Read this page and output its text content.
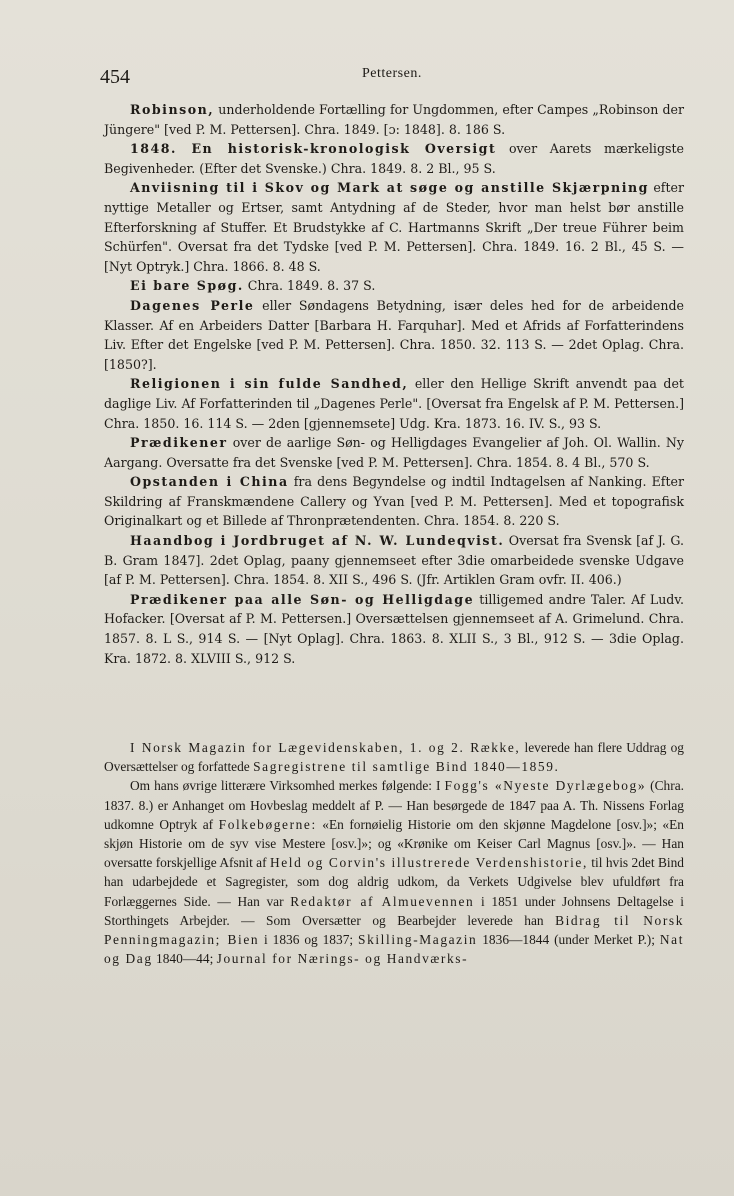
454	Pettersen.

Robinson, underholdende Fortælling for Ungdommen, efter Campes „Robinson der Jüngere" [ved P. M. Pettersen]. Chra. 1849. [ɔ: 1848]. 8. 186 S.

1848. En historisk-kronologisk Oversigt over Aarets mærkeligste Begivenheder. (Efter det Svenske.) Chra. 1849. 8. 2 Bl., 95 S.

Anviisning til i Skov og Mark at søge og anstille Skjærpning efter nyttige Metaller og Ertser, samt Antydning af de Steder, hvor man helst bør anstille Efterforskning af Stuffer. Et Brudstykke af C. Hartmanns Skrift „Der treue Führer beim Schürfen". Oversat fra det Tydske [ved P. M. Pettersen]. Chra. 1849. 16. 2 Bl., 45 S. — [Nyt Optryk.] Chra. 1866. 8. 48 S.

Ei bare Spøg. Chra. 1849. 8. 37 S.

Dagenes Perle eller Søndagens Betydning, især deles hed for de arbeidende Klasser. Af en Arbeiders Datter [Barbara H. Farquhar]. Med et Afrids af Forfatterindens Liv. Efter det Engelske [ved P. M. Pettersen]. Chra. 1850. 32. 113 S. — 2det Oplag. Chra. [1850?].

Religionen i sin fulde Sandhed, eller den Hellige Skrift anvendt paa det daglige Liv. Af Forfatterinden til „Dagenes Perle". [Oversat fra Engelsk af P. M. Pettersen.] Chra. 1850. 16. 114 S. — 2den [gjennemsete] Udg. Kra. 1873. 16. IV. S., 93 S.

Prædikener over de aarlige Søn- og Helligdages Evangelier af Joh. Ol. Wallin. Ny Aargang. Oversatte fra det Svenske [ved P. M. Pettersen]. Chra. 1854. 8. 4 Bl., 570 S.

Opstanden i China fra dens Begyndelse og indtil Indtagelsen af Nanking. Efter Skildring af Franskmændene Callery og Yvan [ved P. M. Pettersen]. Med et topografisk Originalkart og et Billede af Thronprætendenten. Chra. 1854. 8. 220 S.

Haandbog i Jordbruget af N. W. Lundeqvist. Oversat fra Svensk [af J. G. B. Gram 1847]. 2det Oplag, paany gjennemseet efter 3die omarbeidede svenske Udgave [af P. M. Pettersen]. Chra. 1854. 8. XII S., 496 S. (Jfr. Artiklen Gram ovfr. II. 406.)

Prædikener paa alle Søn- og Helligdage tilligemed andre Taler. Af Ludv. Hofacker. [Oversat af P. M. Pettersen.] Oversættelsen gjennemseet af A. Grimelund. Chra. 1857. 8. L S., 914 S. — [Nyt Oplag]. Chra. 1863. 8. XLII S., 3 Bl., 912 S. — 3die Oplag. Kra. 1872. 8. XLVIII S., 912 S.

I Norsk Magazin for Lægevidenskaben, 1. og 2. Række, leverede han flere Uddrag og Oversættelser og forfattede Sagregistrene til samtlige Bind 1840—1859.

Om hans øvrige litterære Virksomhed merkes følgende: I Fogg's «Nyeste Dyrlægebog» (Chra. 1837. 8.) er Anhanget om Hovbeslag meddelt af P. — Han besørgede de 1847 paa A. Th. Nissens Forlag udkomne Optryk af Folkebøgerne: «En fornøielig Historie om den skjønne Magdelone [osv.]»; «En skjøn Historie om de syv vise Mestere [osv.]»; og «Krønike om Keiser Carl Magnus [osv.]». — Han oversatte forskjellige Afsnit af Held og Corvin's illustrerede Verdenshistorie, til hvis 2det Bind han udarbejdede et Sagregister, som dog aldrig udkom, da Verkets Udgivelse blev ufuldført fra Forlæggernes Side. — Han var Redaktør af Almuevennen i 1851 under Johnsens Deltagelse i Storthingets Arbejder. — Som Oversætter og Bearbejder leverede han Bidrag til Norsk Penningmagazin; Bien i 1836 og 1837; Skilling-Magazin 1836—1844 (under Merket P.); Nat og Dag 1840—44; Journal for Nærings- og Handværks-
